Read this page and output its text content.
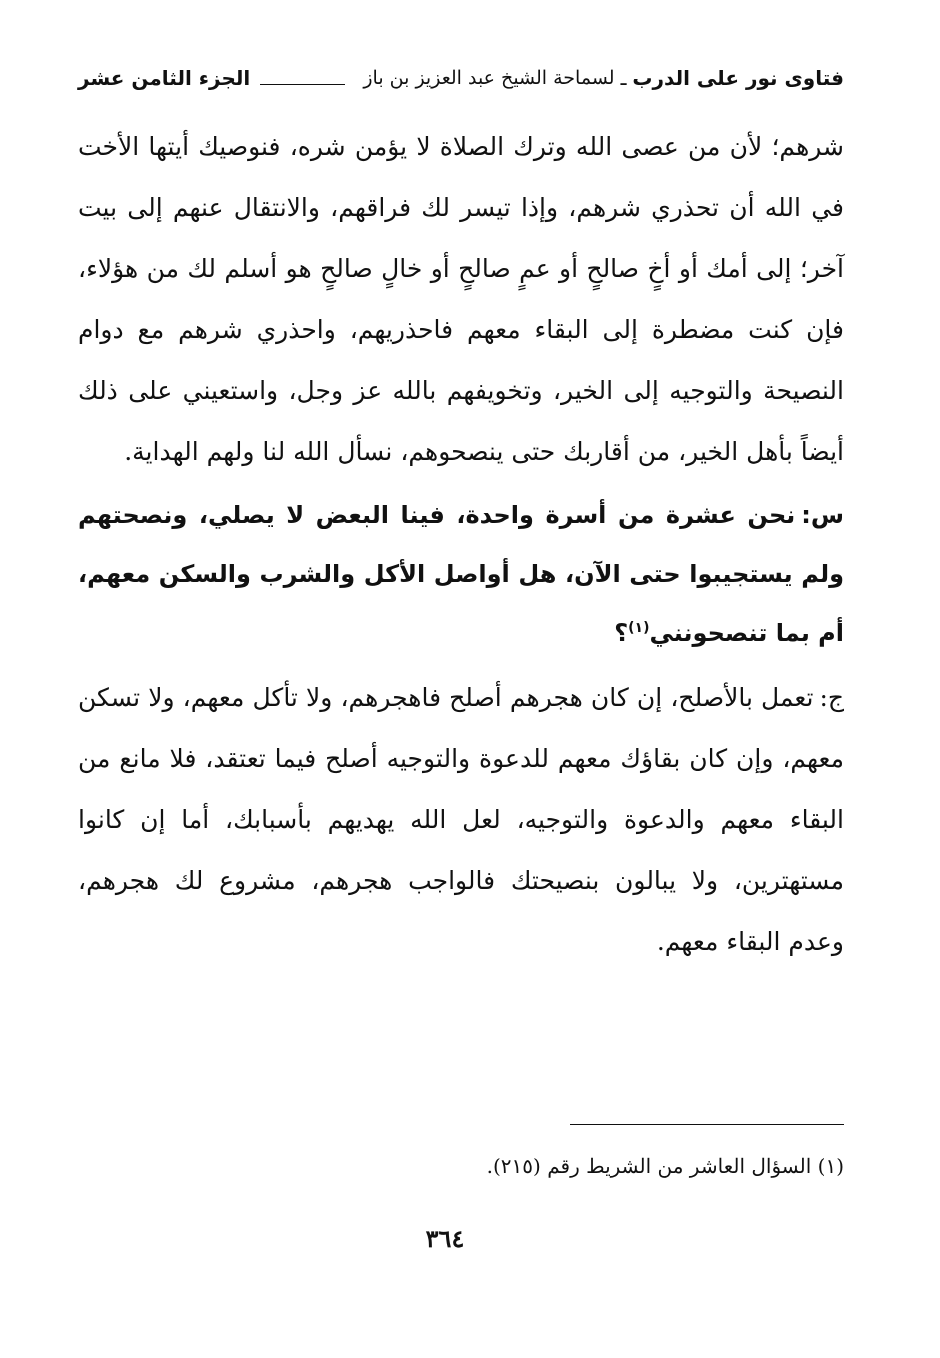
فتاوى نور على الدرب
ـ
لسماحة الشيخ عبد العزيز بن باز
الجزء الثامن عشر

شرهم؛ لأن من عصى الله وترك الصلاة لا يؤمن شره، فنوصيك أيتها الأخت في الله أن تحذري شرهم، وإذا تيسر لك فراقهم، والانتقال عنهم إلى بيت آخر؛ إلى أمك أو أخٍ صالحٍ أو عمٍ صالحٍ أو خالٍ صالحٍ هو أسلم لك من هؤلاء، فإن كنت مضطرة إلى البقاء معهم فاحذريهم، واحذري شرهم مع دوام النصيحة والتوجيه إلى الخير، وتخويفهم بالله عز وجل، واستعيني على ذلك أيضاً بأهل الخير، من أقاربك حتى ينصحوهم، نسأل الله لنا ولهم الهداية.

س:نحن عشرة من أسرة واحدة، فينا البعض لا يصلي، ونصحتهم ولم يستجيبوا حتى الآن، هل أواصل الأكل والشرب والسكن معهم، أم بما تنصحونني$^{(١)}$؟

ج:تعمل بالأصلح، إن كان هجرهم أصلح فاهجرهم، ولا تأكل معهم، ولا تسكن معهم، وإن كان بقاؤك معهم للدعوة والتوجيه أصلح فيما تعتقد، فلا مانع من البقاء معهم والدعوة والتوجيه، لعل الله يهديهم بأسبابك، أما إن كانوا مستهترين، ولا يبالون بنصيحتك فالواجب هجرهم، مشروع لك هجرهم، وعدم البقاء معهم.

(١) السؤال العاشر من الشريط رقم (٢١٥).
٣٦٤
